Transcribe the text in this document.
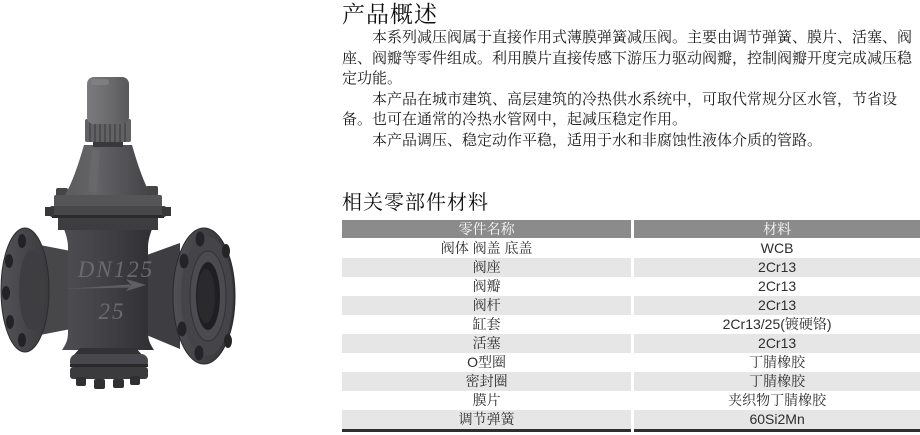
DN125
25
产品概述

本系列减压阀属于直接作用式薄膜弹簧减压阀。主要由调节弹簧、膜片、活塞、阀座、阀瓣等零件组成。利用膜片直接传感下游压力驱动阀瓣，控制阀瓣开度完成减压稳定功能。

本产品在城市建筑、高层建筑的冷热供水系统中，可取代常规分区水管，节省设备。也可在通常的冷热水管网中，起减压稳定作用。

本产品调压、稳定动作平稳，适用于水和非腐蚀性液体介质的管路。

相关零部件材料
零件名称	材料
阀体 阀盖 底盖	WCB
阀座	2Cr13
阀瓣	2Cr13
阀杆	2Cr13
缸套	2Cr13/25(镀硬铬)
活塞	2Cr13
O型圈	丁腈橡胶
密封圈	丁腈橡胶
膜片	夹织物丁腈橡胶
调节弹簧	60Si2Mn
